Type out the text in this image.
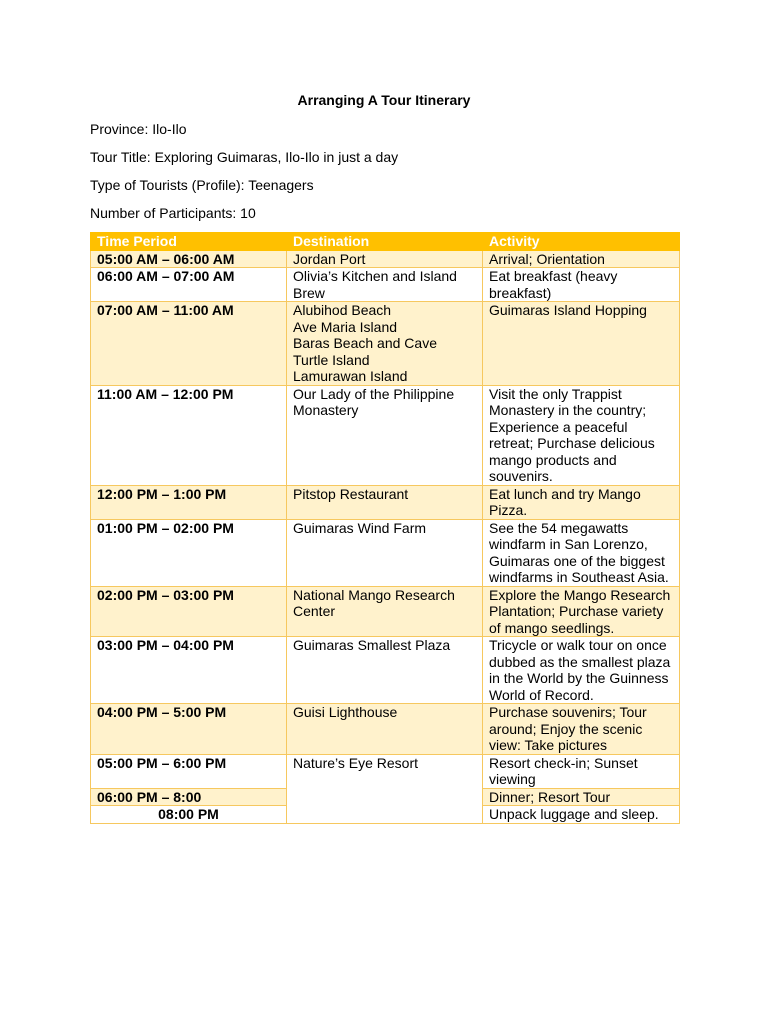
Arranging A Tour Itinerary
Province: Ilo-Ilo
Tour Title: Exploring Guimaras, Ilo-Ilo in just a day
Type of Tourists (Profile): Teenagers
Number of Participants: 10
Time Period	Destination	Activity
05:00 AM – 06:00 AM	Jordan Port	Arrival; Orientation
06:00 AM – 07:00 AM	Olivia’s Kitchen and Island Brew	Eat breakfast (heavy breakfast)
07:00 AM – 11:00 AM	Alubihod Beach
Ave Maria Island
Baras Beach and Cave
Turtle Island
Lamurawan Island	Guimaras Island Hopping
11:00 AM – 12:00 PM	Our Lady of the Philippine Monastery	Visit the only Trappist Monastery in the country; Experience a peaceful retreat; Purchase delicious mango products and souvenirs.
12:00 PM – 1:00 PM	Pitstop Restaurant	Eat lunch and try Mango Pizza.
01:00 PM – 02:00 PM	Guimaras Wind Farm	See the 54 megawatts windfarm in San Lorenzo, Guimaras one of the biggest windfarms in Southeast Asia.
02:00 PM – 03:00 PM	National Mango Research Center	Explore the Mango Research Plantation; Purchase variety of mango seedlings.
03:00 PM – 04:00 PM	Guimaras Smallest Plaza	Tricycle or walk tour on once dubbed as the smallest plaza in the World by the Guinness World of Record.
04:00 PM – 5:00 PM	Guisi Lighthouse	Purchase souvenirs; Tour around; Enjoy the scenic view: Take pictures
05:00 PM – 6:00 PM	Nature’s Eye Resort	Resort check-in; Sunset viewing
06:00 PM – 8:00		Dinner; Resort Tour
08:00 PM		Unpack luggage and sleep.
